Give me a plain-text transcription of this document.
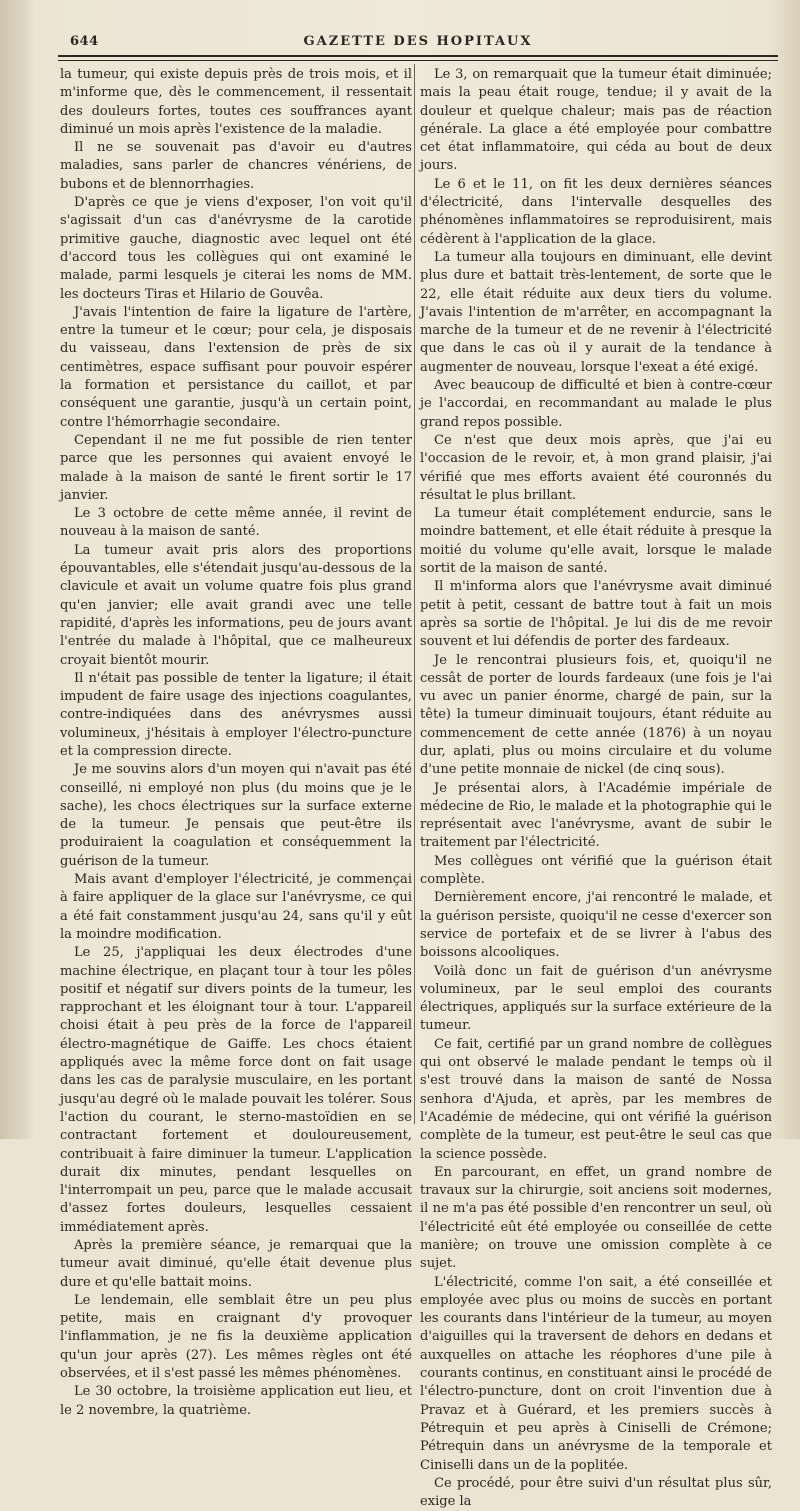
644	GAZETTE DES HOPITAUX

la tumeur, qui existe depuis près de trois mois, et il m'informe que, dès le commencement, il ressentait des douleurs fortes, toutes ces souffrances ayant diminué un mois après l'existence de la maladie.

Il ne se souvenait pas d'avoir eu d'autres maladies, sans parler de chancres vénériens, de bubons et de blennorrhagies.

D'après ce que je viens d'exposer, l'on voit qu'il s'agissait d'un cas d'anévrysme de la carotide primitive gauche, diagnostic avec lequel ont été d'accord tous les collègues qui ont examiné le malade, parmi lesquels je citerai les noms de MM. les docteurs Tiras et Hilario de Gouvêa.

J'avais l'intention de faire la ligature de l'artère, entre la tumeur et le cœur; pour cela, je disposais du vaisseau, dans l'extension de près de six centimètres, espace suffisant pour pouvoir espérer la formation et persistance du caillot, et par conséquent une garantie, jusqu'à un certain point, contre l'hémorrhagie secondaire.

Cependant il ne me fut possible de rien tenter parce que les personnes qui avaient envoyé le malade à la maison de santé le firent sortir le 17 janvier.

Le 3 octobre de cette même année, il revint de nouveau à la maison de santé.

La tumeur avait pris alors des proportions épouvantables, elle s'étendait jusqu'au-dessous de la clavicule et avait un volume quatre fois plus grand qu'en janvier; elle avait grandi avec une telle rapidité, d'après les informations, peu de jours avant l'entrée du malade à l'hôpital, que ce malheureux croyait bientôt mourir.

Il n'était pas possible de tenter la ligature; il était impudent de faire usage des injections coagulantes, contre-indiquées dans des anévrysmes aussi volumineux, j'hésitais à employer l'électro-puncture et la compression directe.

Je me souvins alors d'un moyen qui n'avait pas été conseillé, ni employé non plus (du moins que je le sache), les chocs électriques sur la surface externe de la tumeur. Je pensais que peut-être ils produiraient la coagulation et conséquemment la guérison de la tumeur.

Mais avant d'employer l'électricité, je commençai à faire appliquer de la glace sur l'anévrysme, ce qui a été fait constamment jusqu'au 24, sans qu'il y eût la moindre modification.

Le 25, j'appliquai les deux électrodes d'une machine électrique, en plaçant tour à tour les pôles positif et négatif sur divers points de la tumeur, les rapprochant et les éloignant tour à tour. L'appareil choisi était à peu près de la force de l'appareil électro-magnétique de Gaiffe. Les chocs étaient appliqués avec la même force dont on fait usage dans les cas de paralysie musculaire, en les portant jusqu'au degré où le malade pouvait les tolérer. Sous l'action du courant, le sterno-mastoïdien en se contractant fortement et douloureusement, contribuait à faire diminuer la tumeur. L'application durait dix minutes, pendant lesquelles on l'interrompait un peu, parce que le malade accusait d'assez fortes douleurs, lesquelles cessaient immédiatement après.

Après la première séance, je remarquai que la tumeur avait diminué, qu'elle était devenue plus dure et qu'elle battait moins.

Le lendemain, elle semblait être un peu plus petite, mais en craignant d'y provoquer l'inflammation, je ne fis la deuxième application qu'un jour après (27). Les mêmes règles ont été observées, et il s'est passé les mêmes phénomènes.

Le 30 octobre, la troisième application eut lieu, et le 2 novembre, la quatrième.

Le 3, on remarquait que la tumeur était diminuée; mais la peau était rouge, tendue; il y avait de la douleur et quelque chaleur; mais pas de réaction générale. La glace a été employée pour combattre cet état inflammatoire, qui céda au bout de deux jours.

Le 6 et le 11, on fit les deux dernières séances d'électricité, dans l'intervalle desquelles des phénomènes inflammatoires se reproduisirent, mais cédèrent à l'application de la glace.

La tumeur alla toujours en diminuant, elle devint plus dure et battait très-lentement, de sorte que le 22, elle était réduite aux deux tiers du volume. J'avais l'intention de m'arrêter, en accompagnant la marche de la tumeur et de ne revenir à l'électricité que dans le cas où il y aurait de la tendance à augmenter de nouveau, lorsque l'exeat a été exigé.

Avec beaucoup de difficulté et bien à contre-cœur je l'accordai, en recommandant au malade le plus grand repos possible.

Ce n'est que deux mois après, que j'ai eu l'occasion de le revoir, et, à mon grand plaisir, j'ai vérifié que mes efforts avaient été couronnés du résultat le plus brillant.

La tumeur était complétement endurcie, sans le moindre battement, et elle était réduite à presque la moitié du volume qu'elle avait, lorsque le malade sortit de la maison de santé.

Il m'informa alors que l'anévrysme avait diminué petit à petit, cessant de battre tout à fait un mois après sa sortie de l'hôpital. Je lui dis de me revoir souvent et lui défendis de porter des fardeaux.

Je le rencontrai plusieurs fois, et, quoiqu'il ne cessât de porter de lourds fardeaux (une fois je l'ai vu avec un panier énorme, chargé de pain, sur la tête) la tumeur diminuait toujours, étant réduite au commencement de cette année (1876) à un noyau dur, aplati, plus ou moins circulaire et du volume d'une petite monnaie de nickel (de cinq sous).

Je présentai alors, à l'Académie impériale de médecine de Rio, le malade et la photographie qui le représentait avec l'anévrysme, avant de subir le traitement par l'électricité.

Mes collègues ont vérifié que la guérison était complète.

Dernièrement encore, j'ai rencontré le malade, et la guérison persiste, quoiqu'il ne cesse d'exercer son service de portefaix et de se livrer à l'abus des boissons alcooliques.

Voilà donc un fait de guérison d'un anévrysme volumineux, par le seul emploi des courants électriques, appliqués sur la surface extérieure de la tumeur.

Ce fait, certifié par un grand nombre de collègues qui ont observé le malade pendant le temps où il s'est trouvé dans la maison de santé de Nossa senhora d'Ajuda, et après, par les membres de l'Académie de médecine, qui ont vérifié la guérison complète de la tumeur, est peut-être le seul cas que la science possède.

En parcourant, en effet, un grand nombre de travaux sur la chirurgie, soit anciens soit modernes, il ne m'a pas été possible d'en rencontrer un seul, où l'électricité eût été employée ou conseillée de cette manière; on trouve une omission complète à ce sujet.

L'électricité, comme l'on sait, a été conseillée et employée avec plus ou moins de succès en portant les courants dans l'intérieur de la tumeur, au moyen d'aiguilles qui la traversent de dehors en dedans et auxquelles on attache les réophores d'une pile à courants continus, en constituant ainsi le procédé de l'électro-puncture, dont on croit l'invention due à Pravaz et à Guérard, et les premiers succès à Pétrequin et peu après à Ciniselli de Crémone; Pétrequin dans un anévrysme de la temporale et Ciniselli dans un de la poplitée.

Ce procédé, pour être suivi d'un résultat plus sûr, exige la
